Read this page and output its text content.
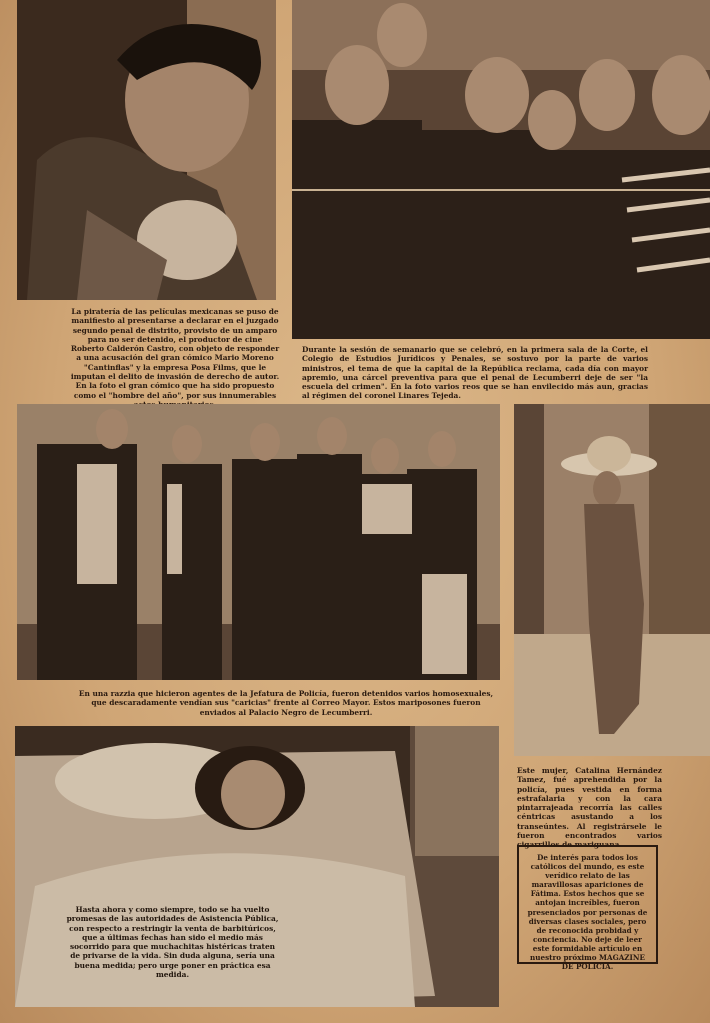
La piratería de las películas mexicanas se puso de manifiesto al presentarse a declarar en el juzgado segundo penal de distrito, provisto de un amparo para no ser detenido, el productor de cine Roberto Calderón Castro, con objeto de responder a una acusación del gran cómico Mario Moreno "Cantinflas" y la empresa Posa Films, que le imputan el delito de invasión de derecho de autor. En la foto el gran cómico que ha sido propuesto como el "hombre del año", por sus innumerables
Durante la sesión de semanario que se celebró, en la primera sala de la Corte, el Colegio de Estudios Jurídicos y Penales, se sostuvo por la parte de varios ministros, el tema de que la capital de la República reclama, cada día con mayor apremio, una cárcel preventiva para que el penal de Lecumberri deje de ser "la escuela del crimen". En la foto varios reos que se han envilecido más aun, gracias al régimen del coronel Linares Tejeda.
En una razzia que hicieron agentes de la Jefatura de Policía, fueron detenidos varios homosexuales, que descaradamente vendían sus "caricias" frente al Correo Mayor. Estos mariposones fueron enviados al Palacio Negro de Lecumberri.
Este mujer, Catalina Hernández Tamez, fué aprehendida por la policía, pues vestida en forma estrafalaria y con la cara pintarrajeada recorría las calles céntricas asustando a los transeúntes. Al registrársele le fueron encontrados varios cigarrillos de mariguana.
De interés para todos los católicos del mundo, es este verídico relato de las maravillosas apariciones de Fátima. Estos hechos que se antojan increíbles, fueron presenciados por personas de diversas clases sociales, pero de reconocida probidad y conciencia. No deje de leer este formidable artículo en nuestro próximo MAGAZINE DE POLICIA.
Hasta ahora y como siempre, todo se ha vuelto promesas de las autoridades de Asistencia Pública, con respecto a restringir la venta de barbitúricos, que a últimas fechas han sido el medio más socorrido para que muchachitas histéricas traten de privarse de la vida. Sin duda alguna, sería una buena medida; pero urge poner en práctica esa medida.
